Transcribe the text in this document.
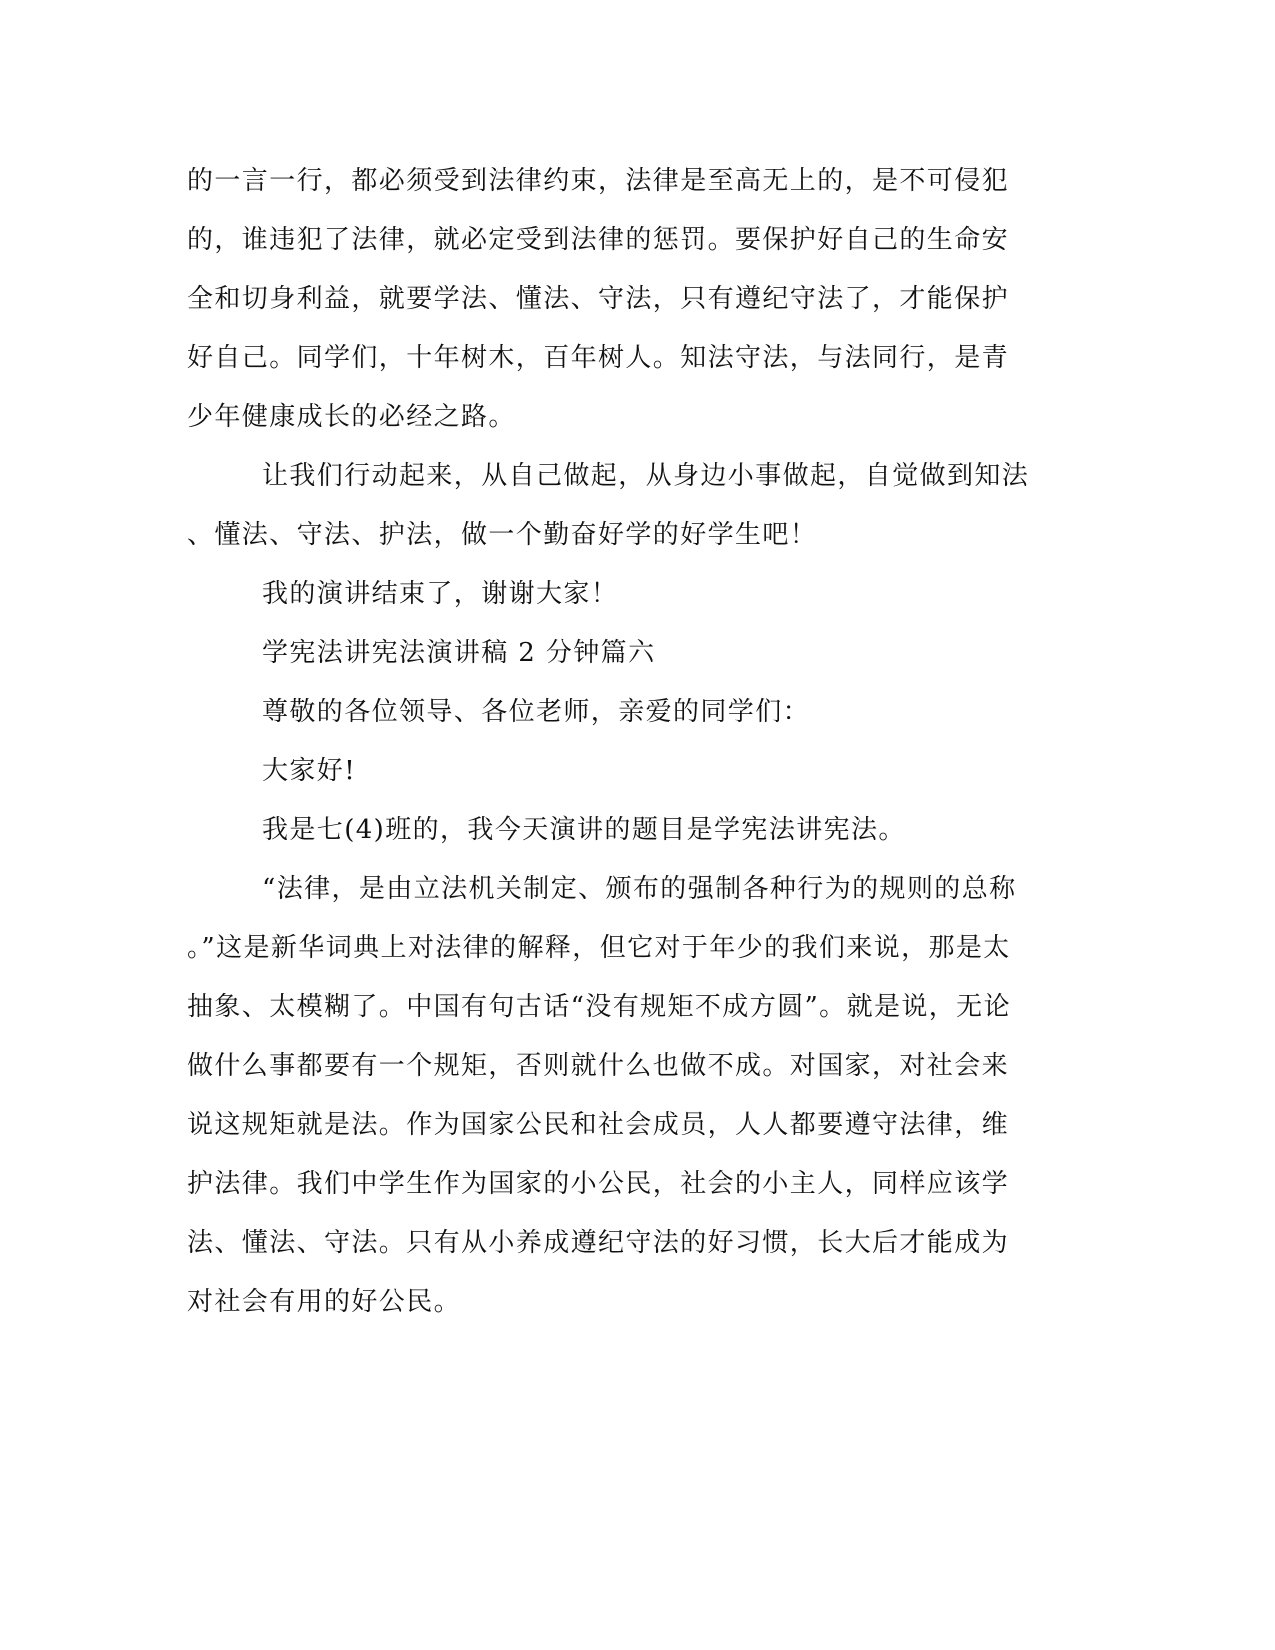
的一言一行，都必须受到法律约束，法律是至高无上的，是不可侵犯
的，谁违犯了法律，就必定受到法律的惩罚。要保护好自己的生命安
全和切身利益，就要学法、懂法、守法，只有遵纪守法了，才能保护
好自己。同学们，十年树木，百年树人。知法守法，与法同行，是青
少年健康成长的必经之路。
让我们行动起来，从自己做起，从身边小事做起，自觉做到知法
、懂法、守法、护法，做一个勤奋好学的好学生吧！
我的演讲结束了，谢谢大家！
学宪法讲宪法演讲稿 2 分钟篇六
尊敬的各位领导、各位老师，亲爱的同学们：
大家好!
我是七(4)班的，我今天演讲的题目是学宪法讲宪法。
“法律，是由立法机关制定、颁布的强制各种行为的规则的总称
。”这是新华词典上对法律的解释，但它对于年少的我们来说，那是太
抽象、太模糊了。中国有句古话“没有规矩不成方圆”。就是说，无论
做什么事都要有一个规矩，否则就什么也做不成。对国家，对社会来
说这规矩就是法。作为国家公民和社会成员，人人都要遵守法律，维
护法律。我们中学生作为国家的小公民，社会的小主人，同样应该学
法、懂法、守法。只有从小养成遵纪守法的好习惯，长大后才能成为
对社会有用的好公民。
